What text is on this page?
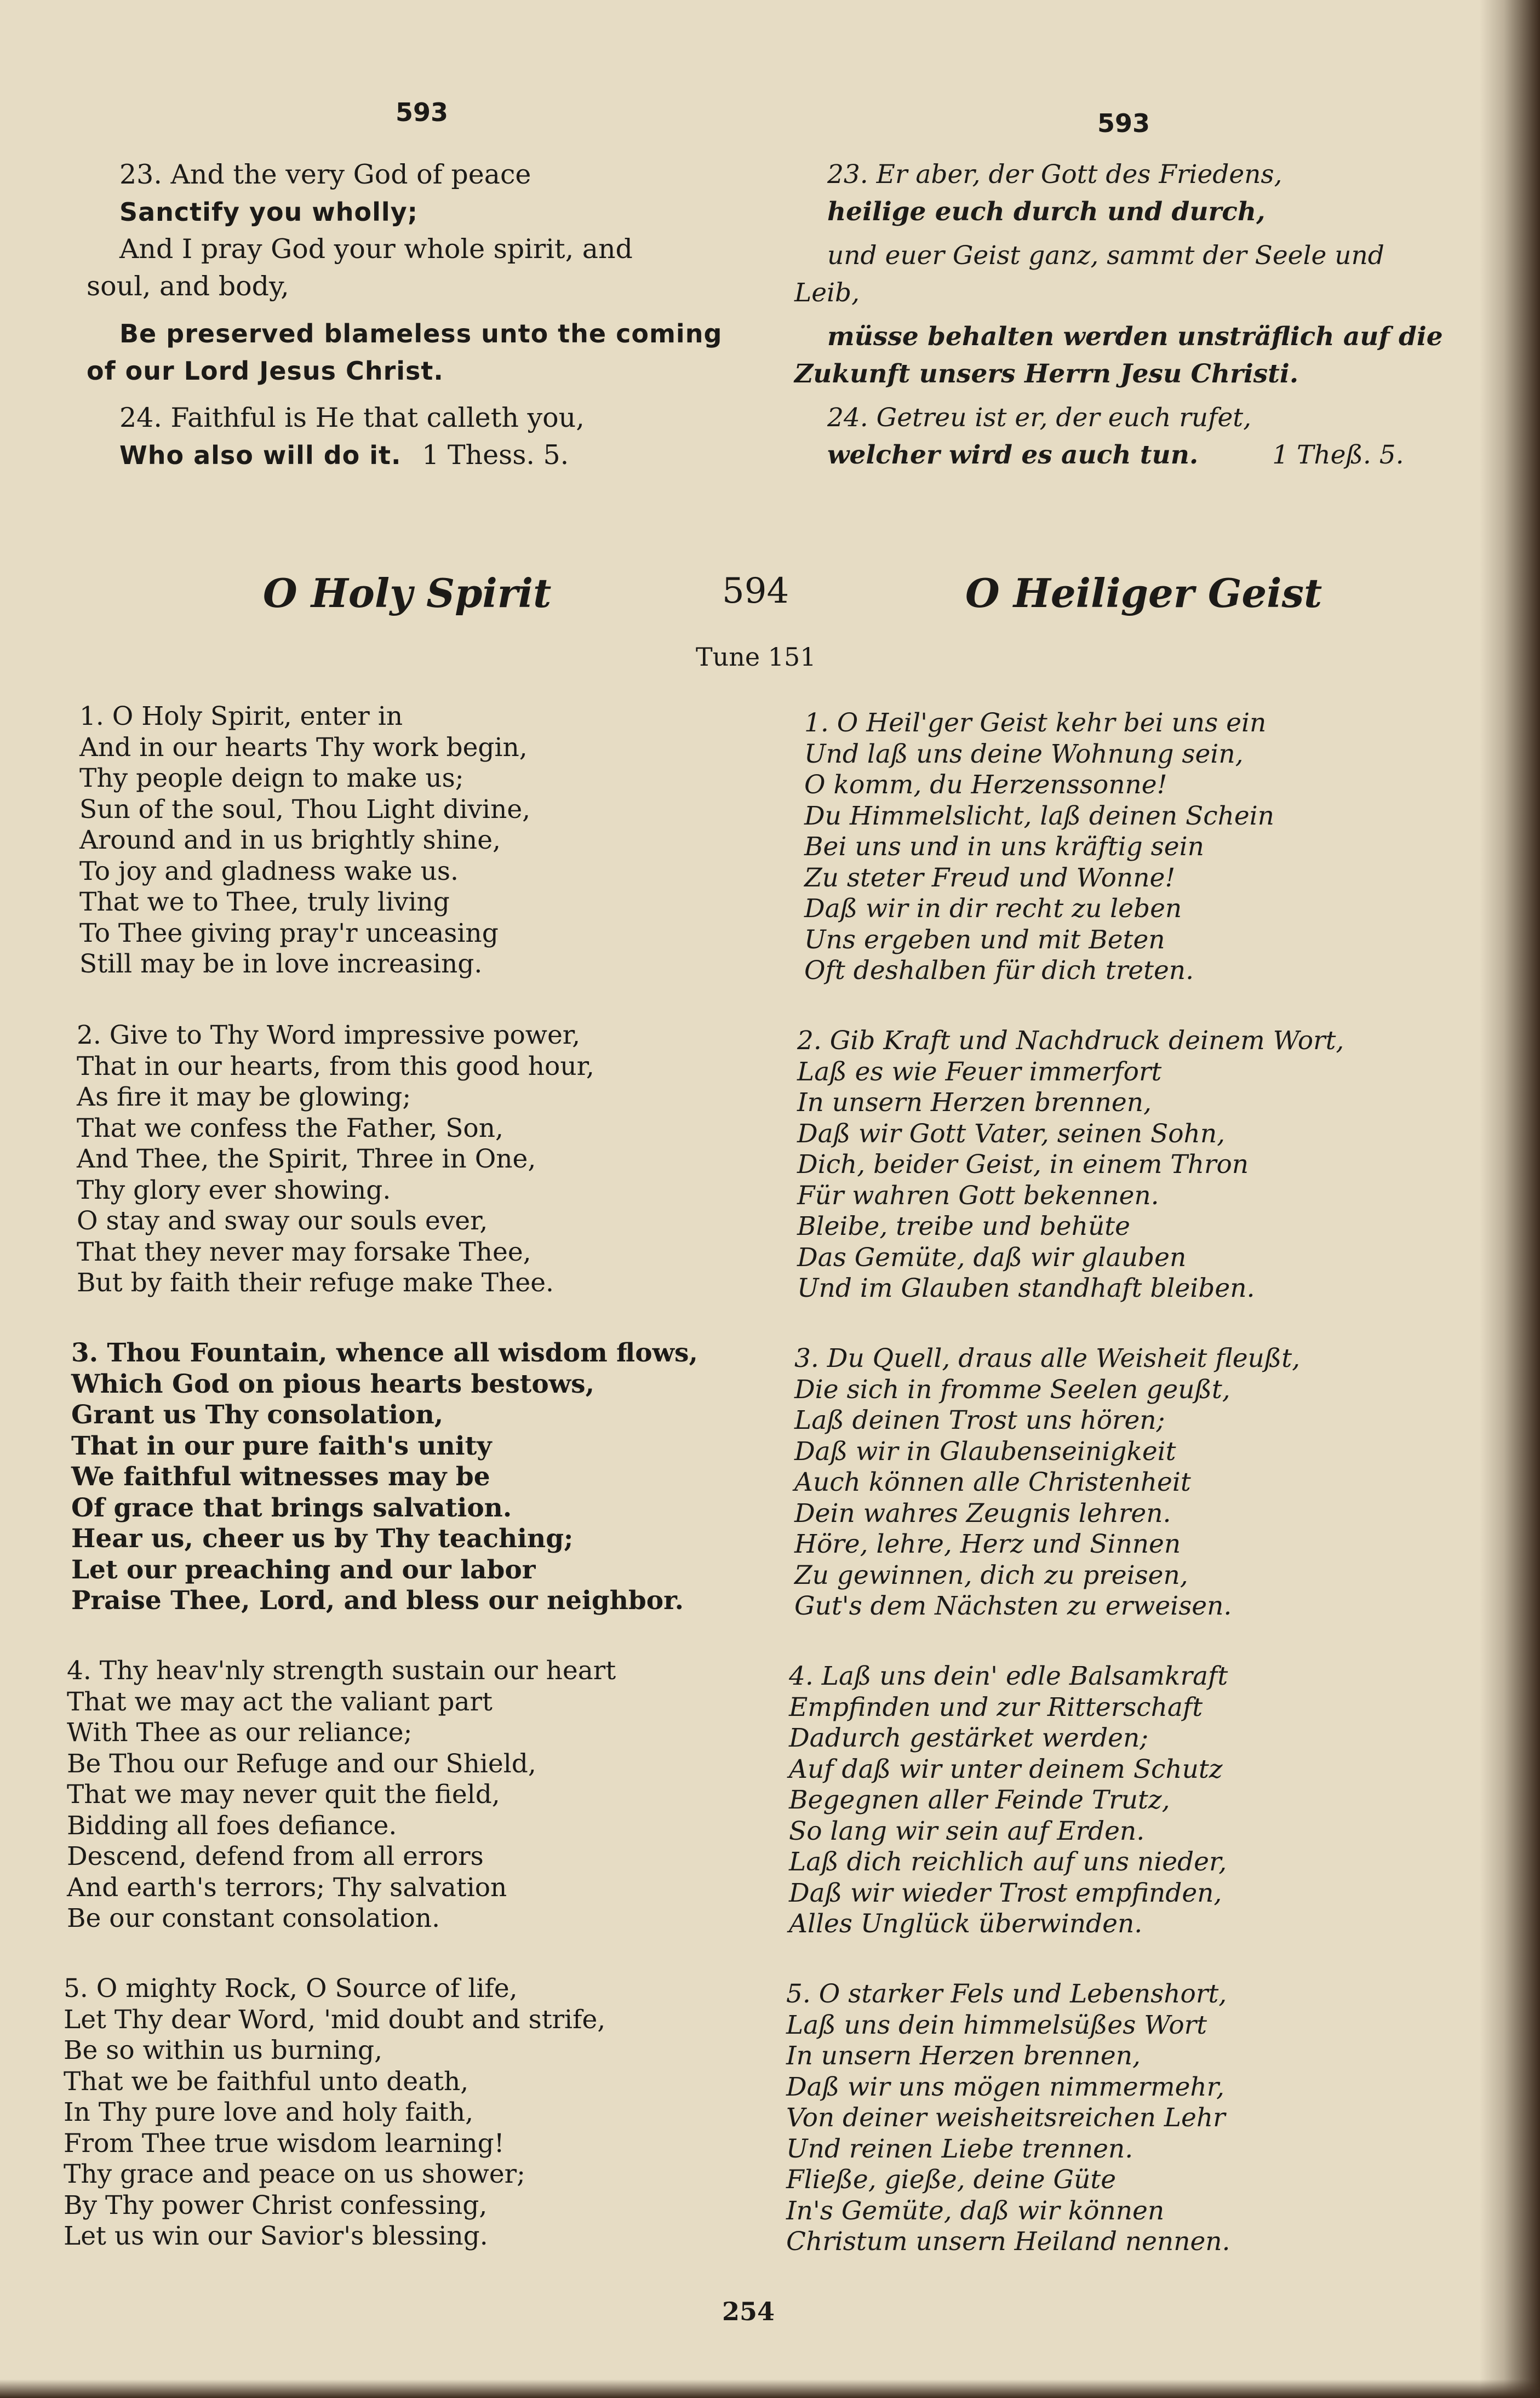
593	593
23. And the very God of peace
Sanctify you wholly;
And I pray God your whole spirit, and
soul, and body,
Be preserved blameless unto the coming
of our Lord Jesus Christ.
24. Faithful is He that calleth you,
Who also will do it. 1 Thess. 5.
23. Er aber, der Gott des Friedens,
heilige euch durch und durch,
und euer Geist ganz, sammt der Seele und
Leib,
müsse behalten werden unsträflich auf die
Zukunft unsers Herrn Jesu Christi.
24. Getreu ist er, der euch rufet,
welcher wird es auch tun.	1 Theß. 5.
O Holy Spirit	594	O Heiliger Geist
Tune 151
1. O Holy Spirit, enter in
And in our hearts Thy work begin,
Thy people deign to make us;
Sun of the soul, Thou Light divine,
Around and in us brightly shine,
To joy and gladness wake us.
That we to Thee, truly living
To Thee giving pray'r unceasing
Still may be in love increasing.
2. Give to Thy Word impressive power,
That in our hearts, from this good hour,
As fire it may be glowing;
That we confess the Father, Son,
And Thee, the Spirit, Three in One,
Thy glory ever showing.
O stay and sway our souls ever,
That they never may forsake Thee,
But by faith their refuge make Thee.
3. Thou Fountain, whence all wisdom flows,
Which God on pious hearts bestows,
Grant us Thy consolation,
That in our pure faith's unity
We faithful witnesses may be
Of grace that brings salvation.
Hear us, cheer us by Thy teaching;
Let our preaching and our labor
Praise Thee, Lord, and bless our neighbor.
4. Thy heav'nly strength sustain our heart
That we may act the valiant part
With Thee as our reliance;
Be Thou our Refuge and our Shield,
That we may never quit the field,
Bidding all foes defiance.
Descend, defend from all errors
And earth's terrors; Thy salvation
Be our constant consolation.
5. O mighty Rock, O Source of life,
Let Thy dear Word, 'mid doubt and strife,
Be so within us burning,
That we be faithful unto death,
In Thy pure love and holy faith,
From Thee true wisdom learning!
Thy grace and peace on us shower;
By Thy power Christ confessing,
Let us win our Savior's blessing.
1. O Heil'ger Geist kehr bei uns ein
Und laß uns deine Wohnung sein,
O komm, du Herzenssonne!
Du Himmelslicht, laß deinen Schein
Bei uns und in uns kräftig sein
Zu steter Freud und Wonne!
Daß wir in dir recht zu leben
Uns ergeben und mit Beten
Oft deshalben für dich treten.
2. Gib Kraft und Nachdruck deinem Wort,
Laß es wie Feuer immerfort
In unsern Herzen brennen,
Daß wir Gott Vater, seinen Sohn,
Dich, beider Geist, in einem Thron
Für wahren Gott bekennen.
Bleibe, treibe und behüte
Das Gemüte, daß wir glauben
Und im Glauben standhaft bleiben.
3. Du Quell, draus alle Weisheit fleußt,
Die sich in fromme Seelen geußt,
Laß deinen Trost uns hören;
Daß wir in Glaubenseinigkeit
Auch können alle Christenheit
Dein wahres Zeugnis lehren.
Höre, lehre, Herz und Sinnen
Zu gewinnen, dich zu preisen,
Gut's dem Nächsten zu erweisen.
4. Laß uns dein' edle Balsamkraft
Empfinden und zur Ritterschaft
Dadurch gestärket werden;
Auf daß wir unter deinem Schutz
Begegnen aller Feinde Trutz,
So lang wir sein auf Erden.
Laß dich reichlich auf uns nieder,
Daß wir wieder Trost empfinden,
Alles Unglück überwinden.
5. O starker Fels und Lebenshort,
Laß uns dein himmelsüßes Wort
In unsern Herzen brennen,
Daß wir uns mögen nimmermehr,
Von deiner weisheitsreichen Lehr
Und reinen Liebe trennen.
Fließe, gieße, deine Güte
In's Gemüte, daß wir können
Christum unsern Heiland nennen.
254
